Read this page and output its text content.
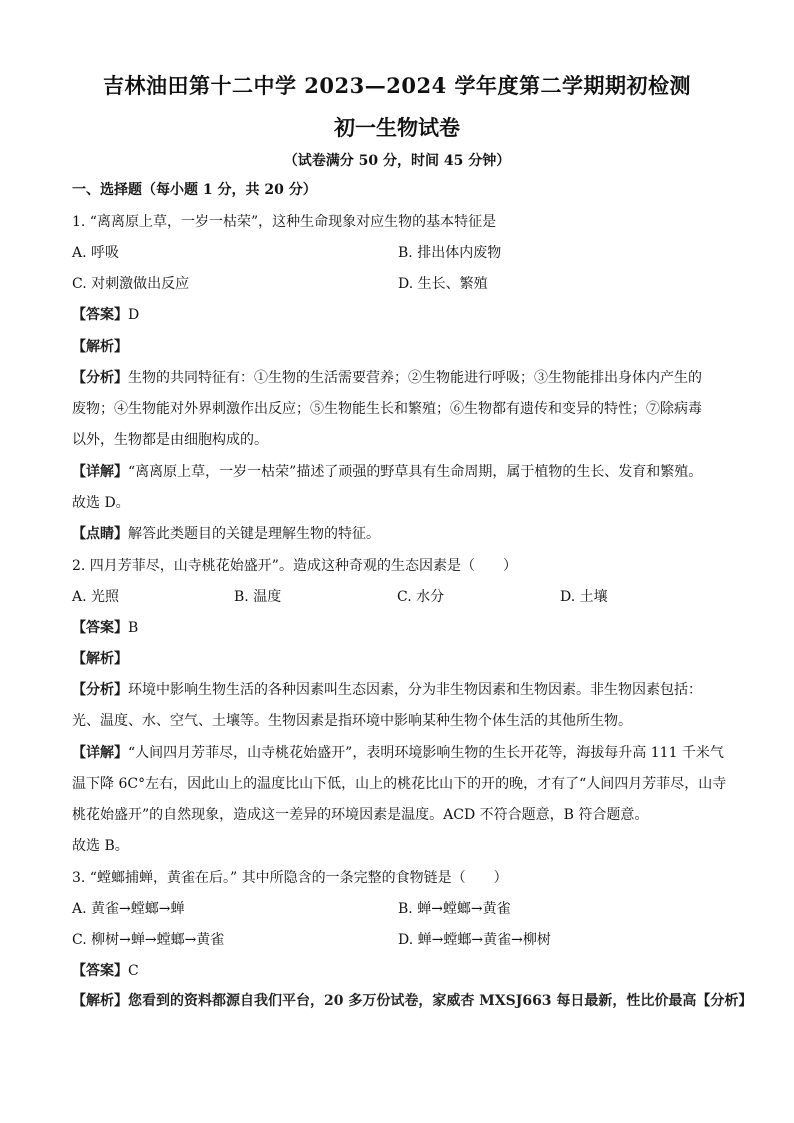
吉林油田第十二中学 2023—2024 学年度第二学期期初检测
初一生物试卷
（试卷满分 50 分，时间 45 分钟）
一、选择题（每小题 1 分，共 20 分）
1. “离离原上草，一岁一枯荣”，这种生命现象对应生物的基本特征是
A. 呼吸	B. 排出体内废物
C. 对刺激做出反应	D. 生长、繁殖
【答案】D
【解析】
【分析】生物的共同特征有：①生物的生活需要营养；②生物能进行呼吸；③生物能排出身体内产生的
废物；④生物能对外界刺激作出反应；⑤生物能生长和繁殖；⑥生物都有遗传和变异的特性；⑦除病毒
以外，生物都是由细胞构成的。
【详解】“离离原上草，一岁一枯荣”描述了顽强的野草具有生命周期，属于植物的生长、发育和繁殖。
故选 D。
【点睛】解答此类题目的关键是理解生物的特征。
2. 四月芳菲尽，山寺桃花始盛开”。造成这种奇观的生态因素是（　　）
A. 光照	B. 温度	C. 水分	D. 土壤
【答案】B
【解析】
【分析】环境中影响生物生活的各种因素叫生态因素，分为非生物因素和生物因素。非生物因素包括：
光、温度、水、空气、土壤等。生物因素是指环境中影响某种生物个体生活的其他所生物。
【详解】“人间四月芳菲尽，山寺桃花始盛开”，表明环境影响生物的生长开花等，海拔每升高 111 千米气
温下降 6C°左右，因此山上的温度比山下低，山上的桃花比山下的开的晚，才有了“人间四月芳菲尽，山寺
桃花始盛开”的自然现象，造成这一差异的环境因素是温度。ACD 不符合题意，B 符合题意。
故选 B。
3. “螳螂捕蝉，黄雀在后。” 其中所隐含的一条完整的食物链是（　　）
A. 黄雀→螳螂→蝉	B. 蝉→螳螂→黄雀
C. 柳树→蝉→螳螂→黄雀	D. 蝉→螳螂→黄雀→柳树
【答案】C
【解析】您看到的资料都源自我们平台，20 多万份试卷，家威杏 MXSJ663 每日最新，性比价最高【分析】
